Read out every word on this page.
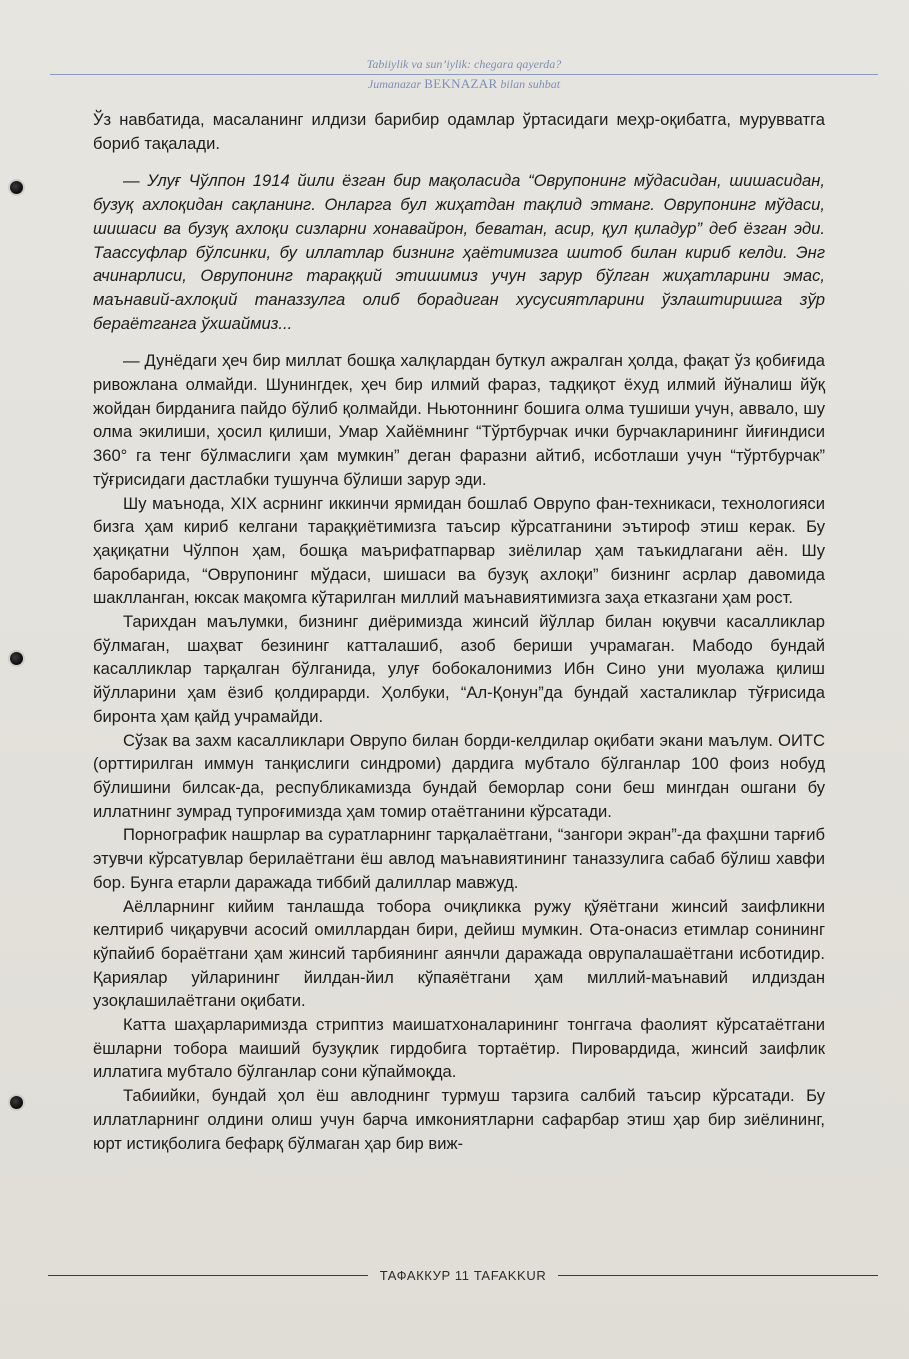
Tabiiylik va sun’iylik: chegara qayerda?
Jumanazar BEKNAZAR bilan suhbat

Ўз навбатида, масаланинг илдизи барибир одамлар ўртасидаги меҳр-оқибатга, мурувватга бориб тақалади.

— Улуғ Чўлпон 1914 йили ёзган бир мақоласида “Оврупонинг мўдасидан, шишасидан, бузуқ ахлоқидан сақланинг. Онларга бул жиҳатдан тақлид этманг. Оврупонинг мўдаси, шишаси ва бузуқ ахлоқи сизларни хонавайрон, бeватан, асир, қул қиладур” деб ёзган эди. Таассуфлар бўлсинки, бу иллатлар бизнинг ҳаётимизга шитоб билан кириб келди. Энг ачинарлиси, Оврупонинг тараққий этишимиз учун зарур бўлган жиҳатларини эмас, маънавий-ахлоқий таназзулга олиб борадиган хусусиятларини ўзлаштиришга зўр бераётганга ўхшаймиз...

— Дунёдаги ҳеч бир миллат бошқа халқлардан буткул ажралган ҳолда, фақат ўз қобиғида ривожлана олмайди. Шунингдек, ҳеч бир илмий фараз, тадқиқот ёхуд илмий йўналиш йўқ жойдан бирданига пайдо бўлиб қолмайди. Ньютоннинг бошига олма тушиши учун, аввало, шу олма экилиши, ҳосил қилиши, Умар Хайёмнинг “Тўртбурчак ички бурчакларининг йиғиндиси 360° га тенг бўлмаслиги ҳам мумкин” деган фаразни айтиб, исботлаши учун “тўртбурчак” тўғрисидаги дастлабки тушунча бўлиши зарур эди.

Шу маънода, XIX асрнинг иккинчи ярмидан бошлаб Оврупо фан-техникаси, технологияси бизга ҳам кириб келгани тараққиётимизга таъсир кўрсатганини эътироф этиш керак. Бу ҳақиқатни Чўлпон ҳам, бошқа маърифатпарвар зиёлилар ҳам таъкидлагани аён. Шу баробарида, “Оврупонинг мўдаси, шишаси ва бузуқ ахлоқи” бизнинг асрлар давомида шаклланган, юксак мақомга кўтарилган миллий маънавиятимизга заҳа етказгани ҳам рост.

Тарихдан маълумки, бизнинг диёримизда жинсий йўллар билан юқувчи касалликлар бўлмаган, шаҳват безининг катталашиб, азоб бериши учрамаган. Мабодо бундай касалликлар тарқалган бўлганида, улуғ бобокалонимиз Ибн Сино уни муолажа қилиш йўлларини ҳам ёзиб қолдирарди. Ҳолбуки, “Ал-Қонун”да бундай хасталиклар тўғрисида биронта ҳам қайд учрамайди.

Сўзак ва захм касалликлари Оврупо билан борди-келдилар оқибати экани маълум. ОИТС (орттирилган иммун танқислиги синдроми) дардига мубтало бўлганлар 100 фоиз нобуд бўлишини билсак-да, республикамизда бундай беморлар сони беш мингдан ошгани бу иллатнинг зумрад тупроғимизда ҳам томир отаётганини кўрсатади.

Порнографик нашрлар ва суратларнинг тарқалаётгани, “зангори экран”-да фаҳшни тарғиб этувчи кўрсатувлар берилаётгани ёш авлод маънавиятининг таназзулига сабаб бўлиш хавфи бор. Бунга етарли даражада тиббий далиллар мавжуд.

Аёлларнинг кийим танлашда тобора очиқликка ружу қўяётгани жинсий заифликни келтириб чиқарувчи асосий омиллардан бири, дейиш мумкин. Ота-онасиз етимлар сонининг кўпайиб бораётгани ҳам жинсий тарбиянинг аянчли даражада оврупалашаётгани исботидир. Қариялар уйларининг йилдан-йил кўпаяётгани ҳам миллий-маънавий илдиздан узоқлашилаётгани оқибати.

Катта шаҳарларимизда стриптиз маишатхоналарининг тонггача фаолият кўрсатаётгани ёшларни тобора маиший бузуқлик гирдобига тортаётир. Пировардида, жинсий заифлик иллатига мубтало бўлганлар сони кўпаймоқда.

Табиийки, бундай ҳол ёш авлоднинг турмуш тарзига салбий таъсир кўрсатади. Бу иллатларнинг олдини олиш учун барча имкониятларни сафарбар этиш ҳар бир зиёлининг, юрт истиқболига бефарқ бўлмаган ҳар бир виж-

ТАФАККУР 11 TAFAKKUR
